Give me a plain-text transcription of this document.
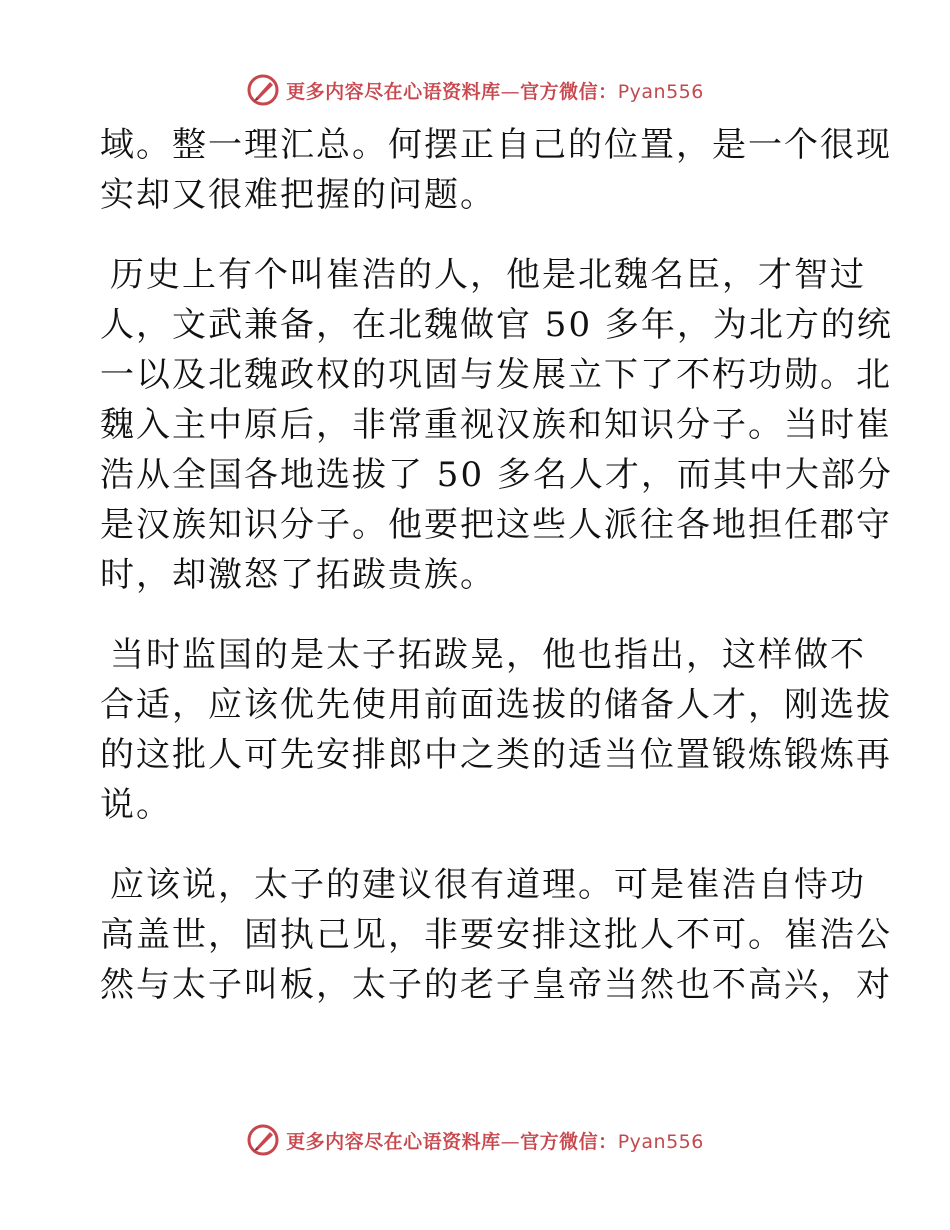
更多内容尽在心语资料库—官方微信：Pyan556

域。整一理汇总。何摆正自己的位置，是一个很现
实却又很难把握的问题。

历史上有个叫崔浩的人，他是北魏名臣，才智过
人，文武兼备，在北魏做官 50 多年，为北方的统
一以及北魏政权的巩固与发展立下了不朽功勋。北
魏入主中原后，非常重视汉族和知识分子。当时崔
浩从全国各地选拔了 50 多名人才，而其中大部分
是汉族知识分子。他要把这些人派往各地担任郡守
时，却激怒了拓跋贵族。

当时监国的是太子拓跋晃，他也指出，这样做不
合适，应该优先使用前面选拔的储备人才，刚选拔
的这批人可先安排郎中之类的适当位置锻炼锻炼再
说。

应该说，太子的建议很有道理。可是崔浩自恃功
高盖世，固执己见，非要安排这批人不可。崔浩公
然与太子叫板，太子的老子皇帝当然也不高兴，对

更多内容尽在心语资料库—官方微信：Pyan556
